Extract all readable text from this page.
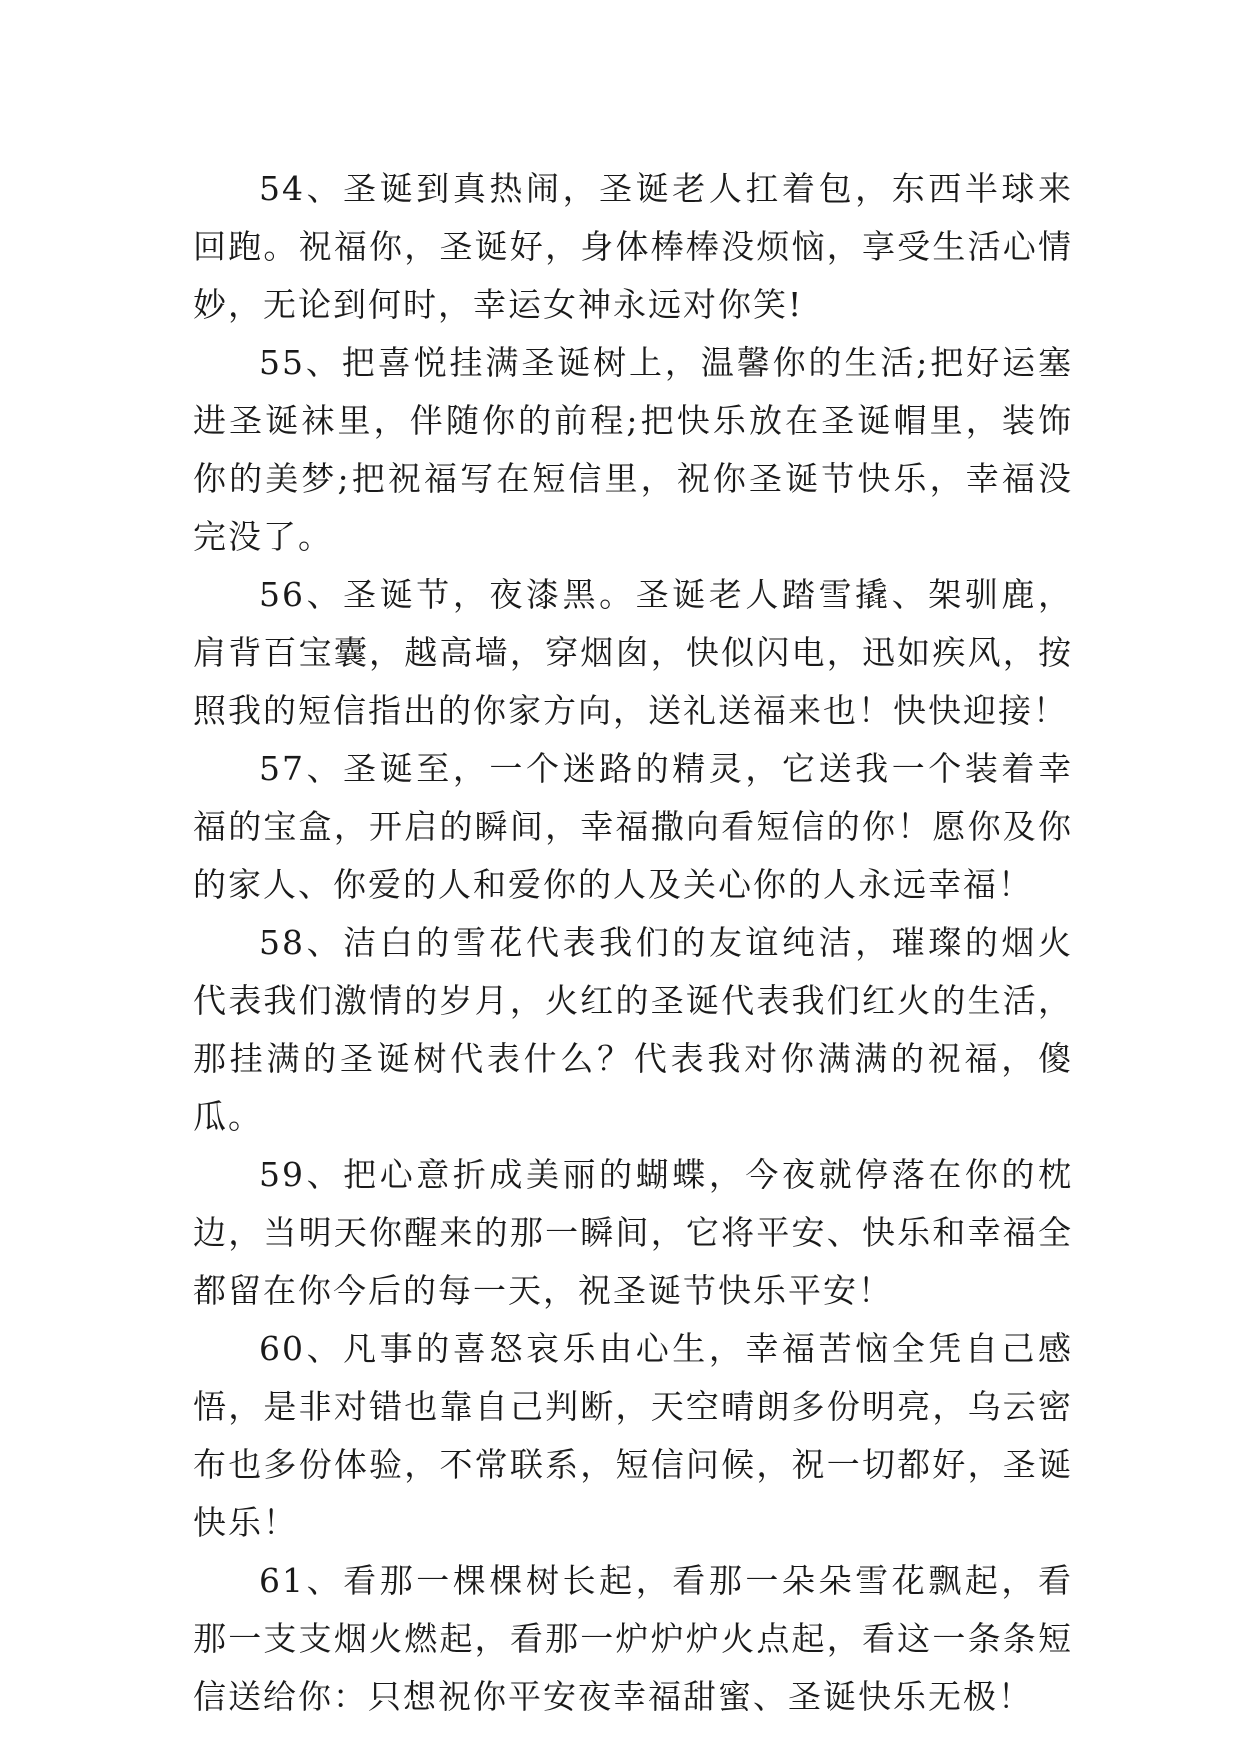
54、圣诞到真热闹，圣诞老人扛着包，东西半球来回跑。祝福你，圣诞好，身体棒棒没烦恼，享受生活心情妙，无论到何时，幸运女神永远对你笑!

55、把喜悦挂满圣诞树上，温馨你的生活;把好运塞进圣诞袜里，伴随你的前程;把快乐放在圣诞帽里，装饰你的美梦;把祝福写在短信里，祝你圣诞节快乐，幸福没完没了。

56、圣诞节，夜漆黑。圣诞老人踏雪撬、架驯鹿，肩背百宝囊，越高墙，穿烟囱，快似闪电，迅如疾风，按照我的短信指出的你家方向，送礼送福来也！快快迎接！

57、圣诞至，一个迷路的精灵，它送我一个装着幸福的宝盒，开启的瞬间，幸福撒向看短信的你！愿你及你的家人、你爱的人和爱你的人及关心你的人永远幸福！

58、洁白的雪花代表我们的友谊纯洁，璀璨的烟火代表我们激情的岁月，火红的圣诞代表我们红火的生活，那挂满的圣诞树代表什么？代表我对你满满的祝福，傻瓜。

59、把心意折成美丽的蝴蝶，今夜就停落在你的枕边，当明天你醒来的那一瞬间，它将平安、快乐和幸福全都留在你今后的每一天，祝圣诞节快乐平安！

60、凡事的喜怒哀乐由心生，幸福苦恼全凭自己感悟，是非对错也靠自己判断，天空晴朗多份明亮，乌云密布也多份体验，不常联系，短信问候，祝一切都好，圣诞快乐！

61、看那一棵棵树长起，看那一朵朵雪花飘起，看那一支支烟火燃起，看那一炉炉炉火点起，看这一条条短信送给你：只想祝你平安夜幸福甜蜜、圣诞快乐无极！
